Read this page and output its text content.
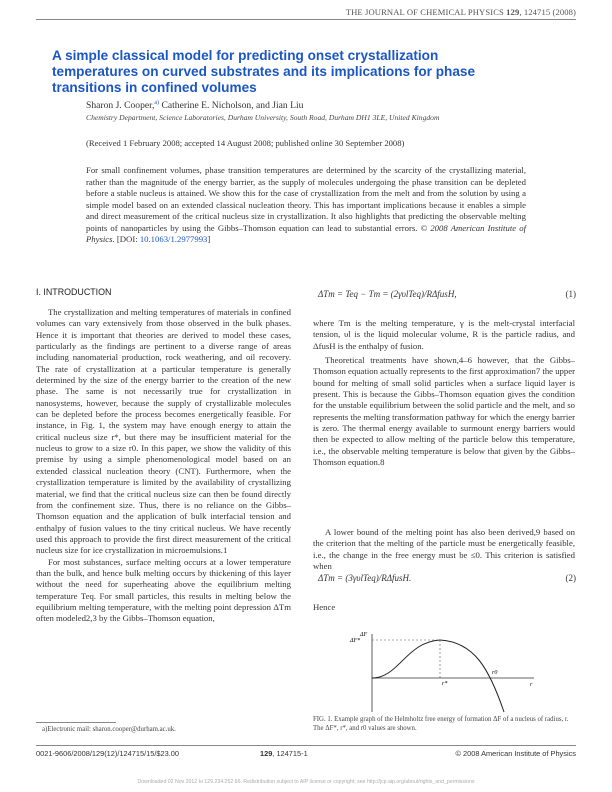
THE JOURNAL OF CHEMICAL PHYSICS 129, 124715 (2008)
A simple classical model for predicting onset crystallization temperatures on curved substrates and its implications for phase transitions in confined volumes
Sharon J. Cooper,$^{a)}$ Catherine E. Nicholson, and Jian Liu
Chemistry Department, Science Laboratories, Durham University, South Road, Durham DH1 3LE, United Kingdom
(Received 1 February 2008; accepted 14 August 2008; published online 30 September 2008)
For small confinement volumes, phase transition temperatures are determined by the scarcity of the crystallizing material, rather than the magnitude of the energy barrier, as the supply of molecules undergoing the phase transition can be depleted before a stable nucleus is attained. We show this for the case of crystallization from the melt and from the solution by using a simple model based on an extended classical nucleation theory. This has important implications because it enables a simple and direct measurement of the critical nucleus size in crystallization. It also highlights that predicting the observable melting points of nanoparticles by using the Gibbs–Thomson equation can lead to substantial errors. © 2008 American Institute of Physics. [DOI: 10.1063/1.2977993]
I. INTRODUCTION

The crystallization and melting temperatures of materials in confined volumes can vary extensively from those observed in the bulk phases. Hence it is important that theories are derived to model these cases, particularly as the findings are pertinent to a diverse range of areas including nanomaterial production, rock weathering, and oil recovery. The rate of crystallization at a particular temperature is generally determined by the size of the energy barrier to the creation of the new phase. The same is not necessarily true for crystallization in nanosystems, however, because the supply of crystallizable molecules can be depleted before the process becomes energetically feasible. For instance, in Fig. 1, the system may have enough energy to attain the critical nucleus size r*, but there may be insufficient material for the nucleus to grow to a size r0. In this paper, we show the validity of this premise by using a simple phenomenological model based on an extended classical nucleation theory (CNT). Furthermore, when the crystallization temperature is limited by the availability of crystallizing material, we find that the critical nucleus size can then be found directly from the confinement size. Thus, there is no reliance on the Gibbs–Thomson equation and the application of bulk interfacial tension and enthalpy of fusion values to the tiny critical nucleus. We have recently used this approach to provide the first direct measurement of the critical nucleus size for ice crystallization in microemulsions.1

For most substances, surface melting occurs at a lower temperature than the bulk, and hence bulk melting occurs by thickening of this layer without the need for superheating above the equilibrium melting temperature Teq. For small particles, this results in melting below the equilibrium melting temperature, with the melting point depression ΔTm often modeled2,3 by the Gibbs–Thomson equation,

ΔTm = Teq − Tm = (2γυlTeq)/RΔfusH,	(1)

where Tm is the melting temperature, γ is the melt-crystal interfacial tension, υl is the liquid molecular volume, R is the particle radius, and ΔfusH is the enthalpy of fusion.

Theoretical treatments have shown,4–6 however, that the Gibbs–Thomson equation actually represents to the first approximation7 the upper bound for melting of small solid particles when a surface liquid layer is present. This is because the Gibbs–Thomson equation gives the condition for the unstable equilibrium between the solid particle and the melt, and so represents the melting transformation pathway for which the energy barrier is zero. The thermal energy available to surmount energy barriers would then be expected to allow melting of the particle below this temperature, i.e., the observable melting temperature is below that given by the Gibbs–Thomson equation.8

A lower bound of the melting point has also been derived,9 based on the criterion that the melting of the particle must be energetically feasible, i.e., the change in the free energy must be ≤0. This criterion is satisfied when

ΔTm = (3γυlTeq)/RΔfusH.	(2)
Hence
ΔF
ΔF*
r*
r0
r
FIG. 1. Example graph of the Helmholtz free energy of formation ΔF of a nucleus of radius, r. The ΔF*, r*, and r0 values are shown.
a)Electronic mail: sharon.cooper@durham.ac.uk.
0021-9606/2008/129(12)/124715/15/$23.00	129, 124715-1	© 2008 American Institute of Physics
Downloaded 02 Nov 2012 to 129.234.252.66. Redistribution subject to AIP license or copyright; see http://jcp.aip.org/about/rights_and_permissions
